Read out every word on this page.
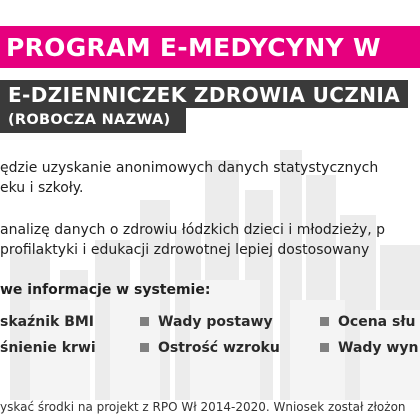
PROGRAM E-MEDYCYNY W
E-DZIENNICZEK ZDROWIA UCZNIA
(ROBOCZA NAZWA)
ędzie uzyskanie anonimowych danych statystycznych
eku i szkoły.
analizę danych o zdrowiu łódzkich dzieci i młodzieży, p
profilaktyki i edukacji zdrowotnej lepiej dostosowany
we informacje w systemie:
skaźnik BMI
śnienie krwi
Wady postawy
Ostrość wzroku
Ocena słu
Wady wyn
yskać środki na projekt z RPO Wł 2014-2020. Wniosek został złożon
